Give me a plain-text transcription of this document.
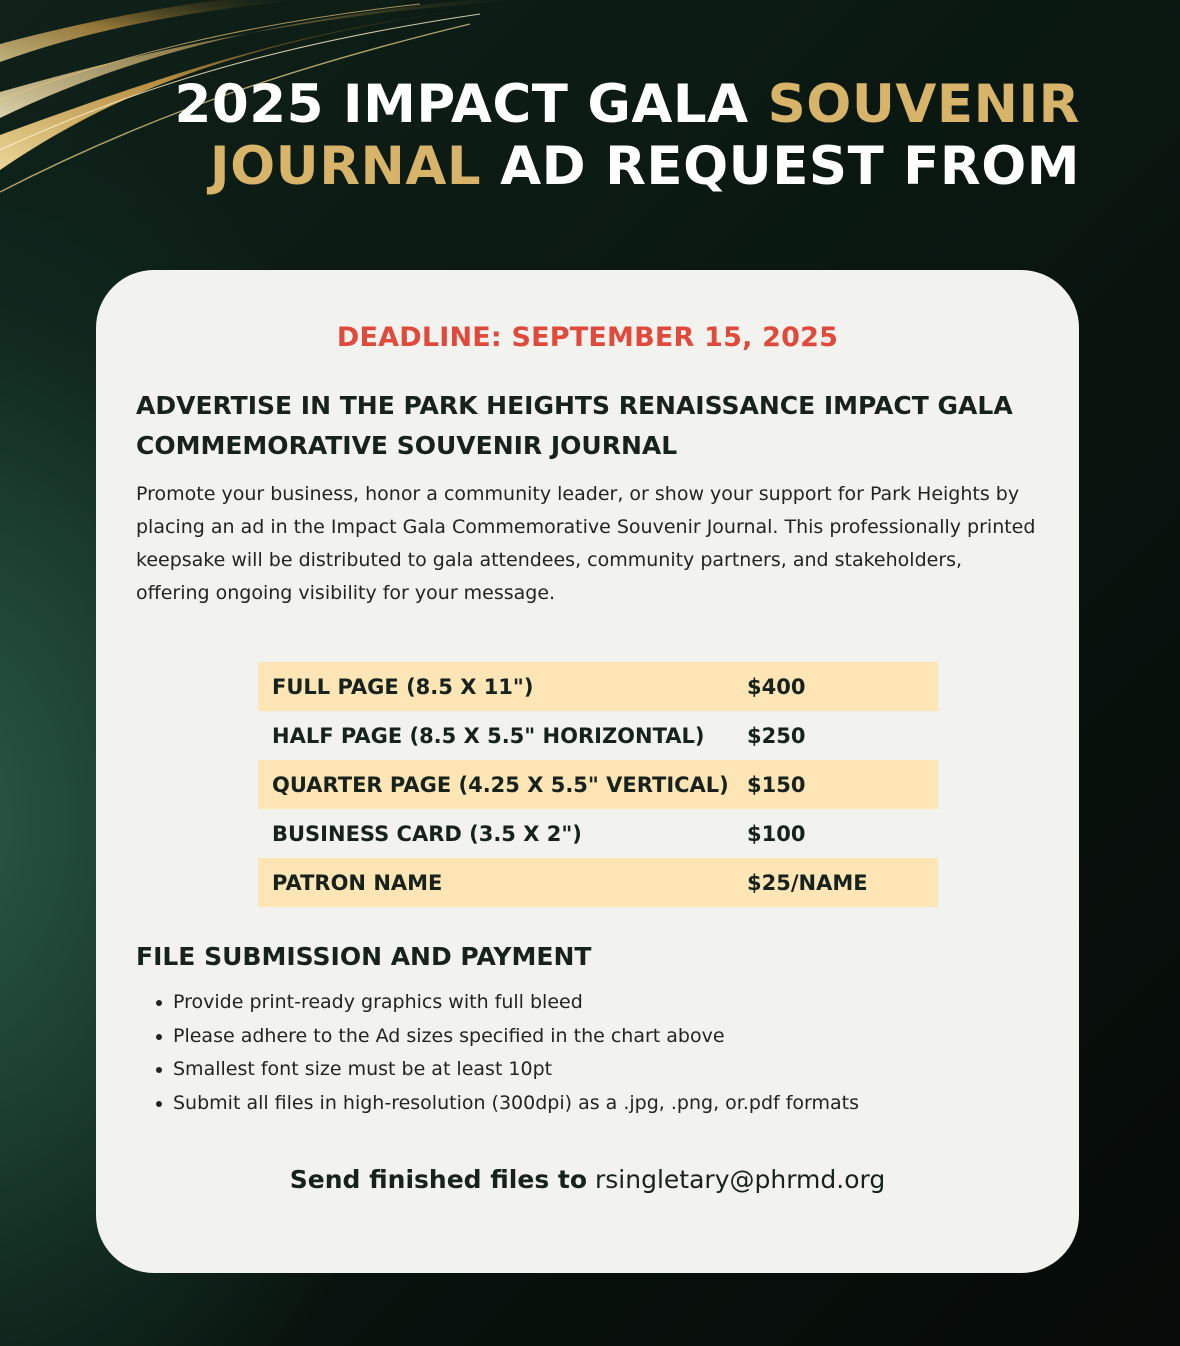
2025 IMPACT GALA SOUVENIR
JOURNAL AD REQUEST FROM

DEADLINE: SEPTEMBER 15, 2025

ADVERTISE IN THE PARK HEIGHTS RENAISSANCE IMPACT GALA COMMEMORATIVE SOUVENIR JOURNAL

Promote your business, honor a community leader, or show your support for Park Heights by placing an ad in the Impact Gala Commemorative Souvenir Journal. This professionally printed keepsake will be distributed to gala attendees, community partners, and stakeholders, offering ongoing visibility for your message.

FULL PAGE (8.5 X 11")	$400
HALF PAGE (8.5 X 5.5" HORIZONTAL)	$250
QUARTER PAGE (4.25 X 5.5" VERTICAL) $150
BUSINESS CARD (3.5 X 2")	$100
PATRON NAME	$25/NAME
FILE SUBMISSION AND PAYMENT
Provide print-ready graphics with full bleed
Please adhere to the Ad sizes specified in the chart above
Smallest font size must be at least 10pt
Submit all files in high-resolution (300dpi) as a .jpg, .png, or.pdf formats

Send finished files to rsingletary@phrmd.org
